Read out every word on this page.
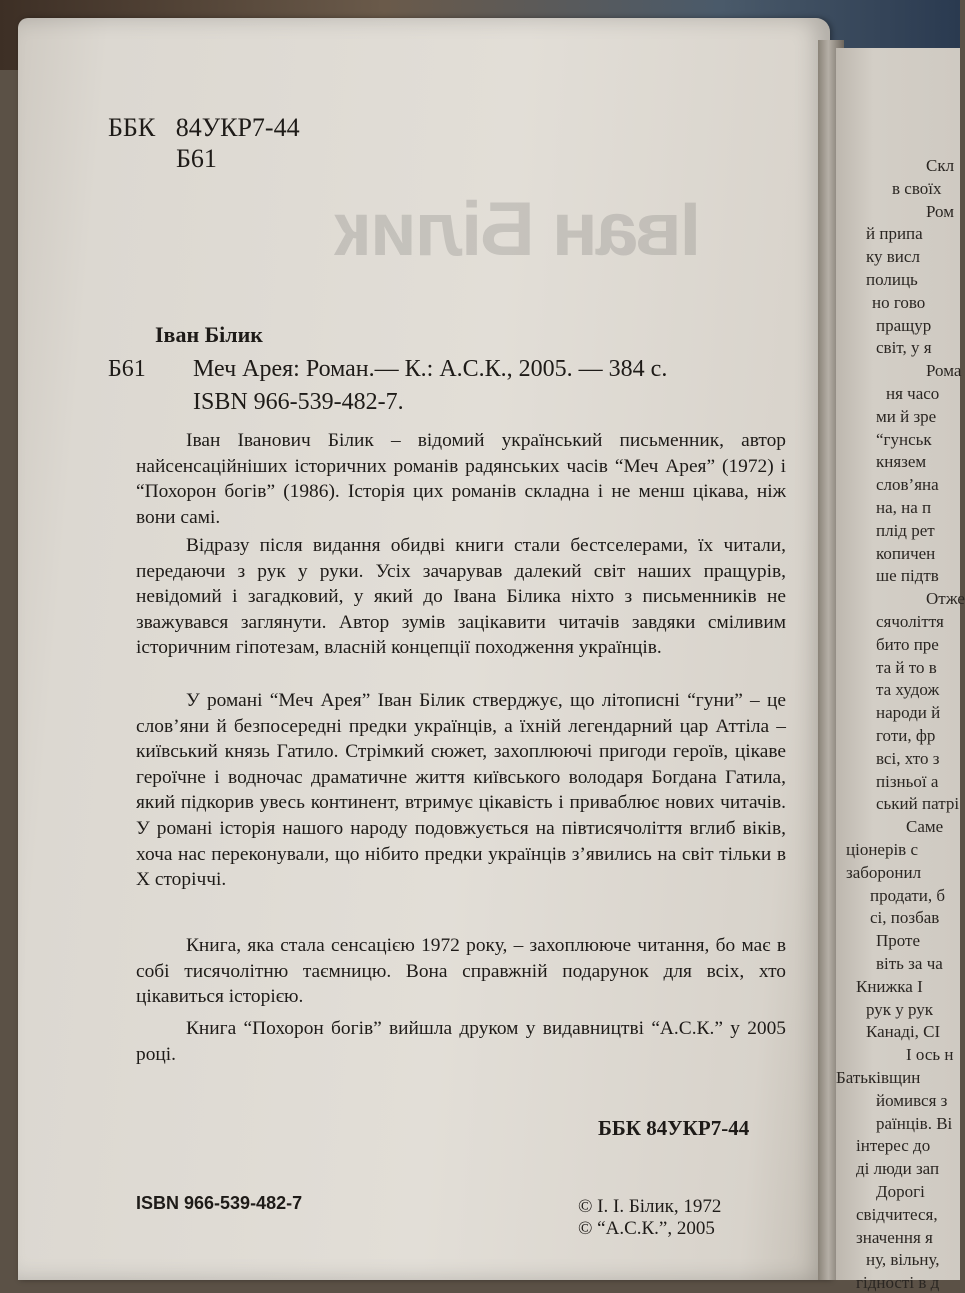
ББК 84УКР7-44
Б61
Іван Білик
Іван Білик
Б61 Меч Арея: Роман.— К.: А.С.К., 2005. — 384 с.
ISBN 966-539-482-7.
Іван Іванович Білик – відомий український письменник, автор найсенсаційніших історичних романів радянських часів “Меч Арея” (1972) і “Похорон богів” (1986). Історія цих романів складна і не менш цікава, ніж вони самі.
Відразу після видання обидві книги стали бестселерами, їх читали, передаючи з рук у руки. Усіх зачарував далекий світ наших пращурів, невідомий і загадковий, у який до Івана Білика ніхто з письменників не зважувався заглянути. Автор зумів зацікавити читачів завдяки сміливим історичним гіпотезам, власній концепції походження українців.
У романі “Меч Арея” Іван Білик стверджує, що літописні “гуни” – це слов’яни й безпосередні предки українців, а їхній легендарний цар Аттіла – київський князь Гатило. Стрімкий сюжет, захоплюючі пригоди героїв, цікаве героїчне і водночас драматичне життя київського володаря Богдана Гатила, який підкорив увесь континент, втримує цікавість і приваблює нових читачів. У романі історія нашого народу подовжується на півтисячоліття вглиб віків, хоча нас переконували, що нібито предки українців з’явились на світ тільки в X сторіччі.
Книга, яка стала сенсацією 1972 року, – захоплююче читання, бо має в собі тисячолітню таємницю. Вона справжній подарунок для всіх, хто цікавиться історією.
Книга “Похорон богів” вийшла друком у видавництві “А.С.К.” у 2005 році.
ББК 84УКР7-44
ISBN 966-539-482-7	© І. І. Білик, 1972
© “А.С.К.”, 2005
Скл
в своїх
Ром
й припа
ку висл
полиць
но гово
пращур
світ, у я
Рома
ня часо
ми й зре
“гунськ
князем
слов’яна
на, на п
плід рет
копичен
ше підтв
Отже
сячоліття
бито пре
та й то в
та худож
народи й
готи, фр
всі, хто з
пізньої а
ський патрі
Саме
ціонерів с
заборонил
продати, б
сі, позбав
Проте
віть за ча
Книжка І
рук у рук
Канаді, СІ
І ось н
Батьківщин
йомився з
раїнців. Ві
інтерес до
ді люди зап
Дорогі
свідчитеся,
значення я
ну, вільну,
гідності в д
